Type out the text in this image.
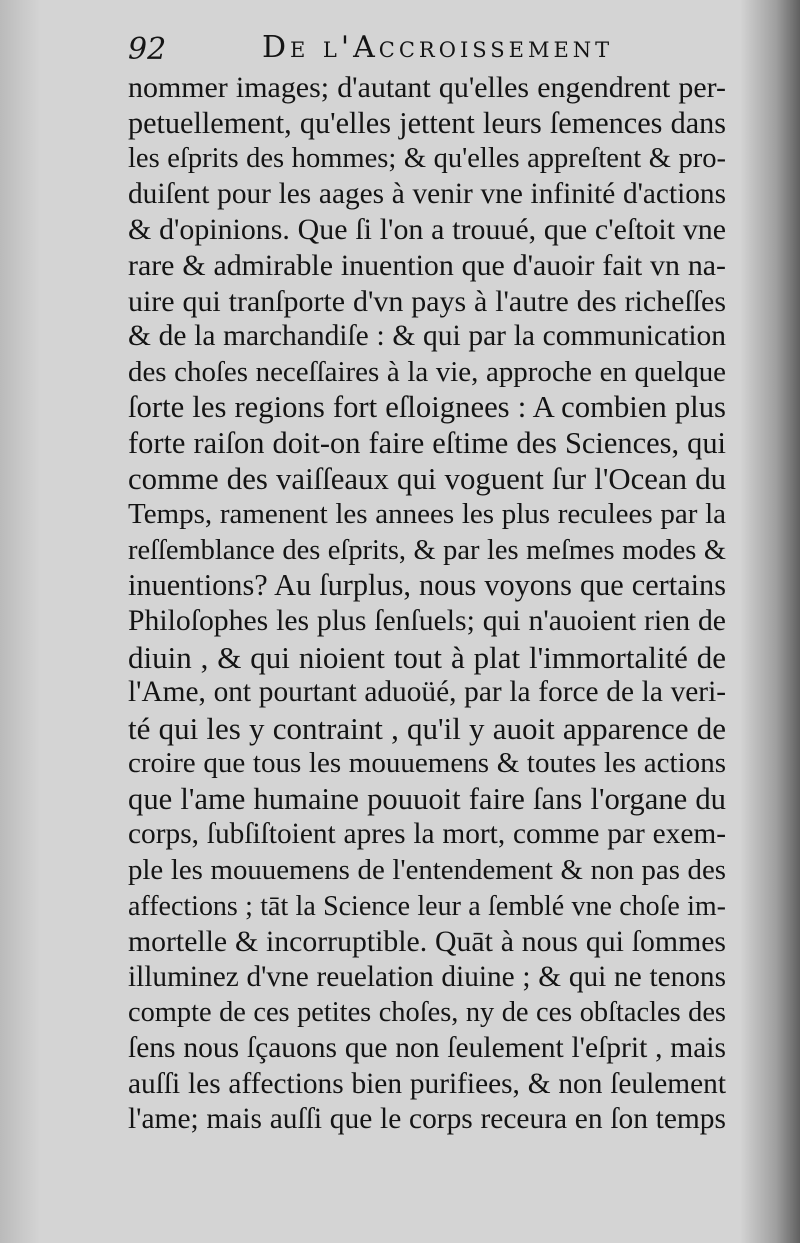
92	De l'Accroissement
nommer images; d'autant qu'elles engendrent per-
petuellement, qu'elles jettent leurs ſemences dans
les eſprits des hommes; & qu'elles appreſtent & pro-
duiſent pour les aages à venir vne infinité d'actions
& d'opinions. Que ſi l'on a trouué, que c'eſtoit vne
rare & admirable inuention que d'auoir fait vn na-
uire qui tranſporte d'vn pays à l'autre des richeſſes
& de la marchandiſe : & qui par la communication
des choſes neceſſaires à la vie, approche en quelque
ſorte les regions fort eſloignees : A combien plus
forte raiſon doit-on faire eſtime des Sciences, qui
comme des vaiſſeaux qui voguent ſur l'Ocean du
Temps, ramenent les annees les plus reculees par la
reſſemblance des eſprits, & par les meſmes modes &
inuentions? Au ſurplus, nous voyons que certains
Philoſophes les plus ſenſuels; qui n'auoient rien de
diuin , & qui nioient tout à plat l'immortalité de
l'Ame, ont pourtant aduoüé, par la force de la veri-
té qui les y contraint , qu'il y auoit apparence de
croire que tous les mouuemens & toutes les actions
que l'ame humaine pouuoit faire ſans l'organe du
corps, ſubſiſtoient apres la mort, comme par exem-
ple les mouuemens de l'entendement & non pas des
affections ; tāt la Science leur a ſemblé vne choſe im-
mortelle & incorruptible. Quāt à nous qui ſommes
illuminez d'vne reuelation diuine ; & qui ne tenons
compte de ces petites choſes, ny de ces obſtacles des
ſens nous ſçauons que non ſeulement l'eſprit , mais
auſſi les affections bien purifiees, & non ſeulement
l'ame; mais auſſi que le corps receura en ſon temps
